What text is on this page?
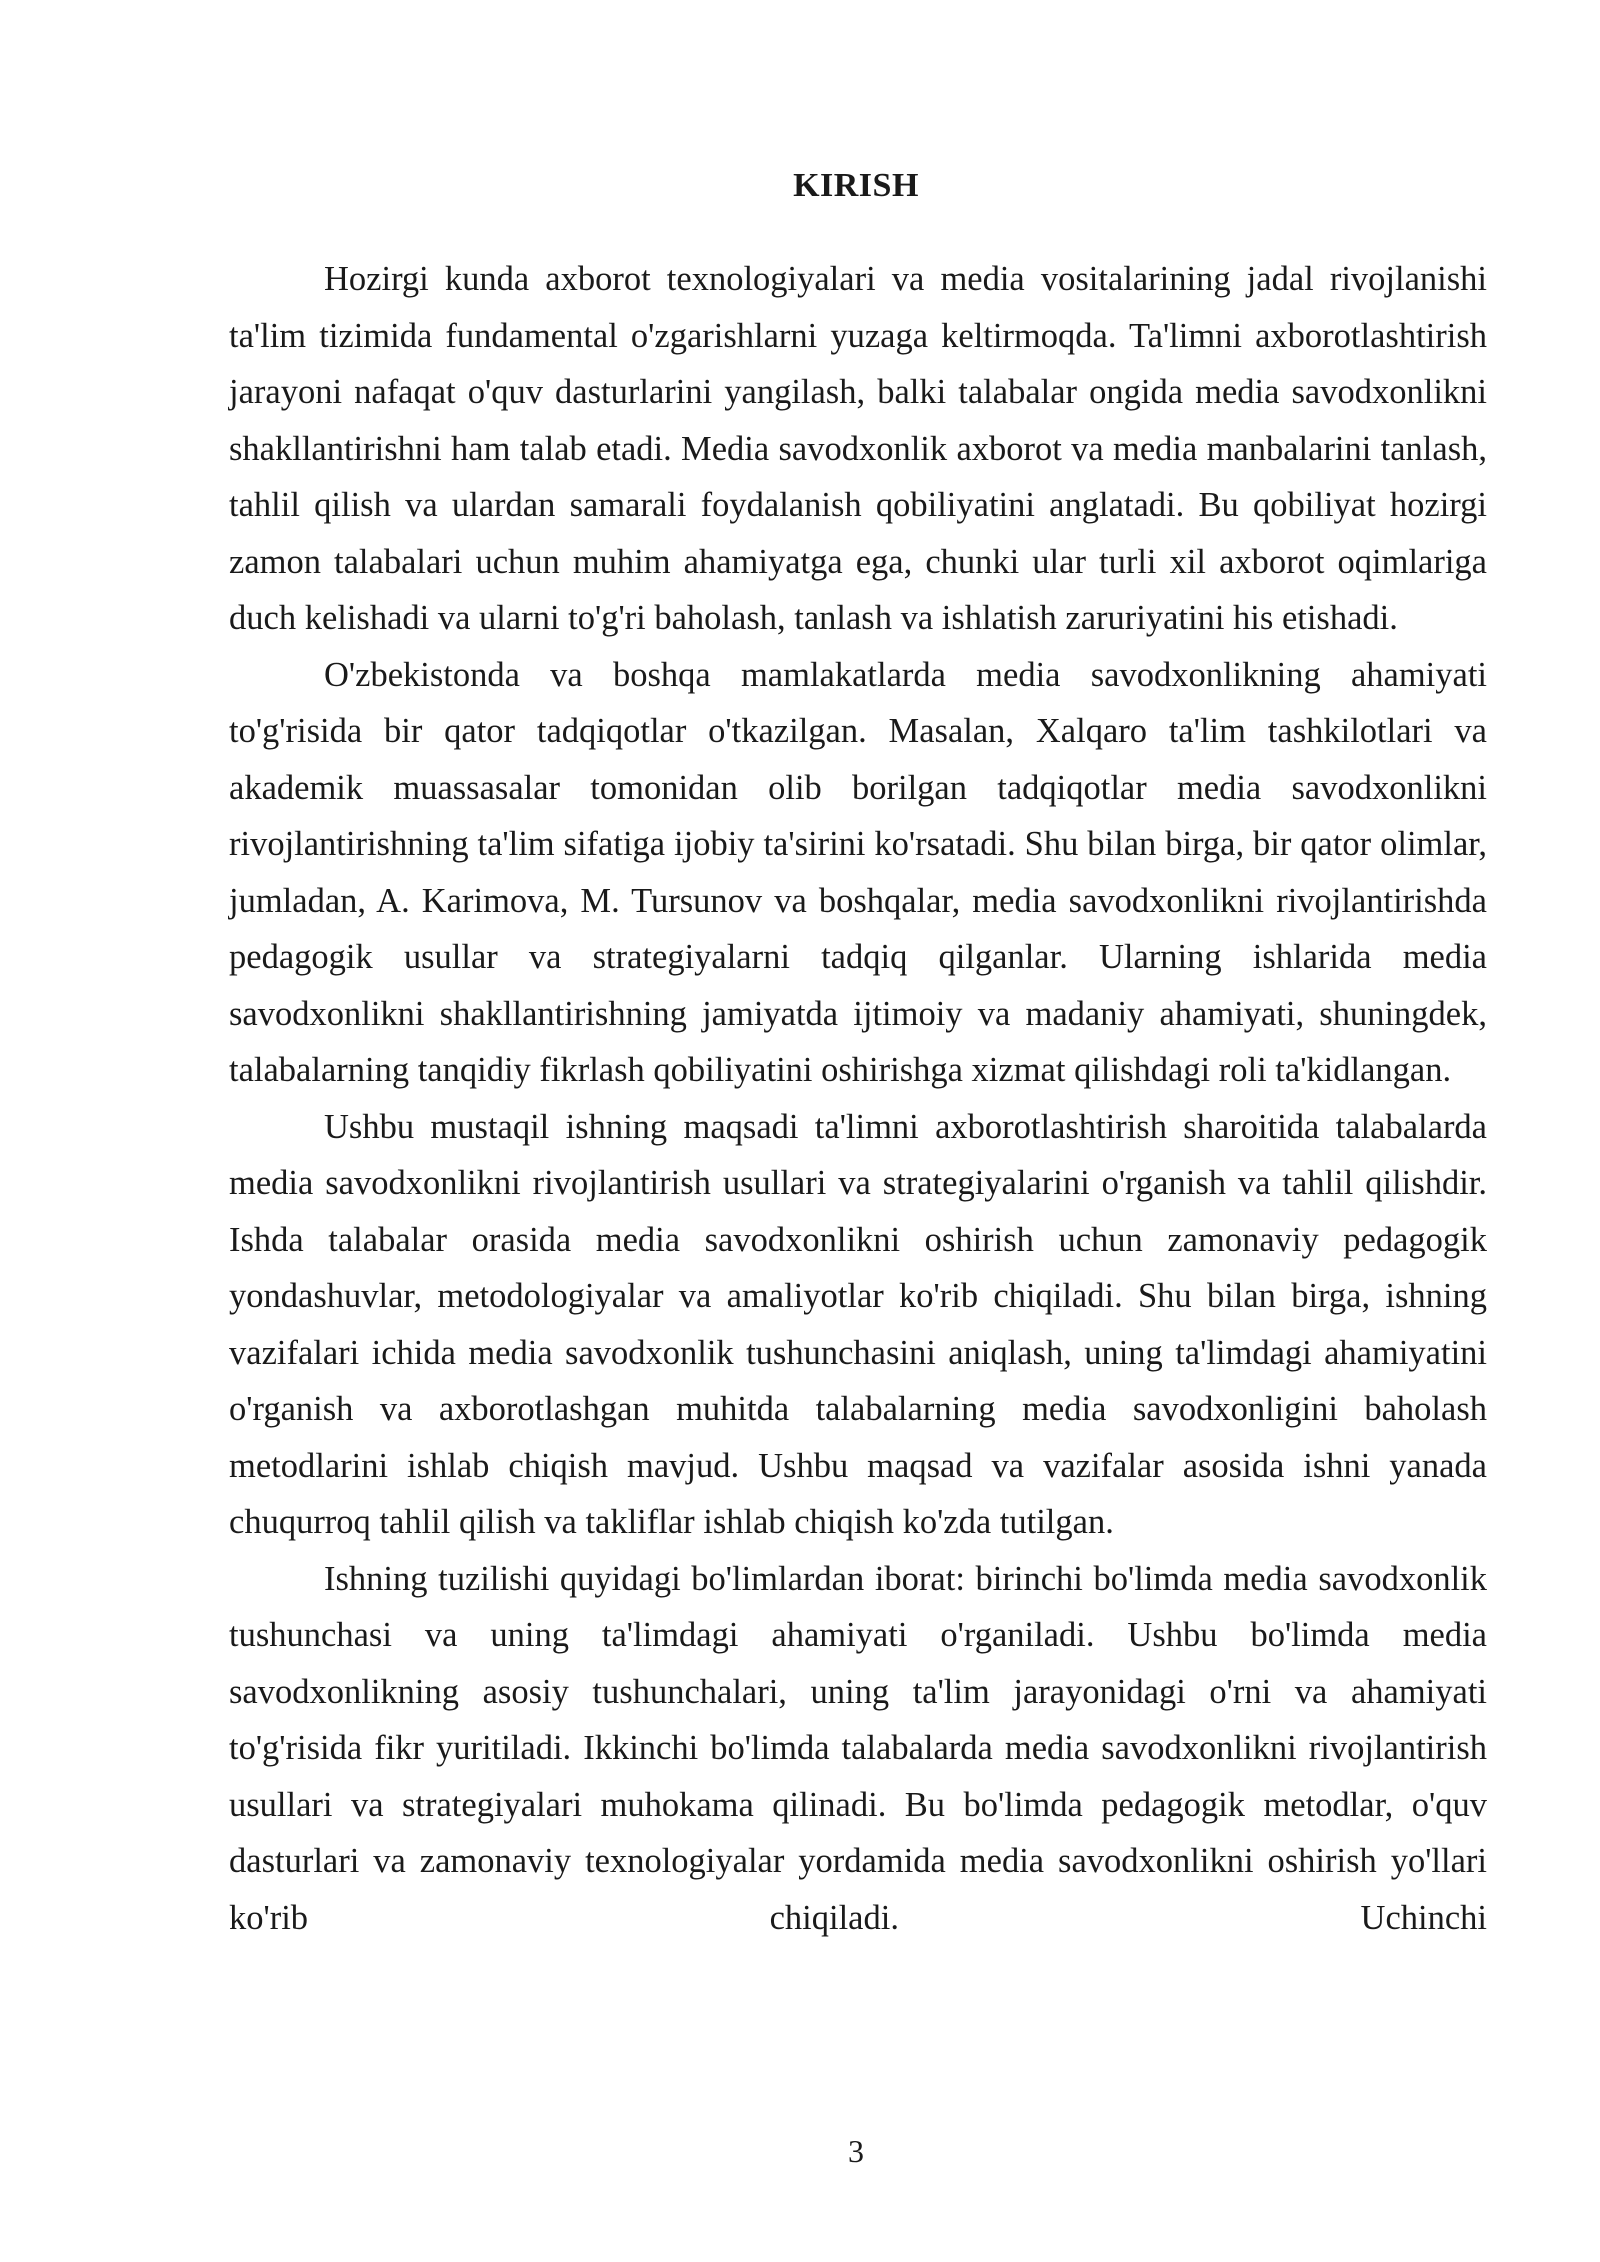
KIRISH

Hozirgi kunda axborot texnologiyalari va media vositalarining jadal rivojlanishi ta'lim tizimida fundamental o'zgarishlarni yuzaga keltirmoqda. Ta'limni axborotlashtirish jarayoni nafaqat o'quv dasturlarini yangilash, balki talabalar ongida media savodxonlikni shakllantirishni ham talab etadi. Media savodxonlik axborot va media manbalarini tanlash, tahlil qilish va ulardan samarali foydalanish qobiliyatini anglatadi. Bu qobiliyat hozirgi zamon talabalari uchun muhim ahamiyatga ega, chunki ular turli xil axborot oqimlariga duch kelishadi va ularni to'g'ri baholash, tanlash va ishlatish zaruriyatini his etishadi.

O'zbekistonda va boshqa mamlakatlarda media savodxonlikning ahamiyati to'g'risida bir qator tadqiqotlar o'tkazilgan. Masalan, Xalqaro ta'lim tashkilotlari va akademik muassasalar tomonidan olib borilgan tadqiqotlar media savodxonlikni rivojlantirishning ta'lim sifatiga ijobiy ta'sirini ko'rsatadi. Shu bilan birga, bir qator olimlar, jumladan, A. Karimova, M. Tursunov va boshqalar, media savodxonlikni rivojlantirishda pedagogik usullar va strategiyalarni tadqiq qilganlar. Ularning ishlarida media savodxonlikni shakllantirishning jamiyatda ijtimoiy va madaniy ahamiyati, shuningdek, talabalarning tanqidiy fikrlash qobiliyatini oshirishga xizmat qilishdagi roli ta'kidlangan.

Ushbu mustaqil ishning maqsadi ta'limni axborotlashtirish sharoitida talabalarda media savodxonlikni rivojlantirish usullari va strategiyalarini o'rganish va tahlil qilishdir. Ishda talabalar orasida media savodxonlikni oshirish uchun zamonaviy pedagogik yondashuvlar, metodologiyalar va amaliyotlar ko'rib chiqiladi. Shu bilan birga, ishning vazifalari ichida media savodxonlik tushunchasini aniqlash, uning ta'limdagi ahamiyatini o'rganish va axborotlashgan muhitda talabalarning media savodxonligini baholash metodlarini ishlab chiqish mavjud. Ushbu maqsad va vazifalar asosida ishni yanada chuqurroq tahlil qilish va takliflar ishlab chiqish ko'zda tutilgan.

Ishning tuzilishi quyidagi bo'limlardan iborat: birinchi bo'limda media savodxonlik tushunchasi va uning ta'limdagi ahamiyati o'rganiladi. Ushbu bo'limda media savodxonlikning asosiy tushunchalari, uning ta'lim jarayonidagi o'rni va ahamiyati to'g'risida fikr yuritiladi. Ikkinchi bo'limda talabalarda media savodxonlikni rivojlantirish usullari va strategiyalari muhokama qilinadi. Bu bo'limda pedagogik metodlar, o'quv dasturlari va zamonaviy texnologiyalar yordamida media savodxonlikni oshirish yo'llari ko'rib chiqiladi. Uchinchi

3
